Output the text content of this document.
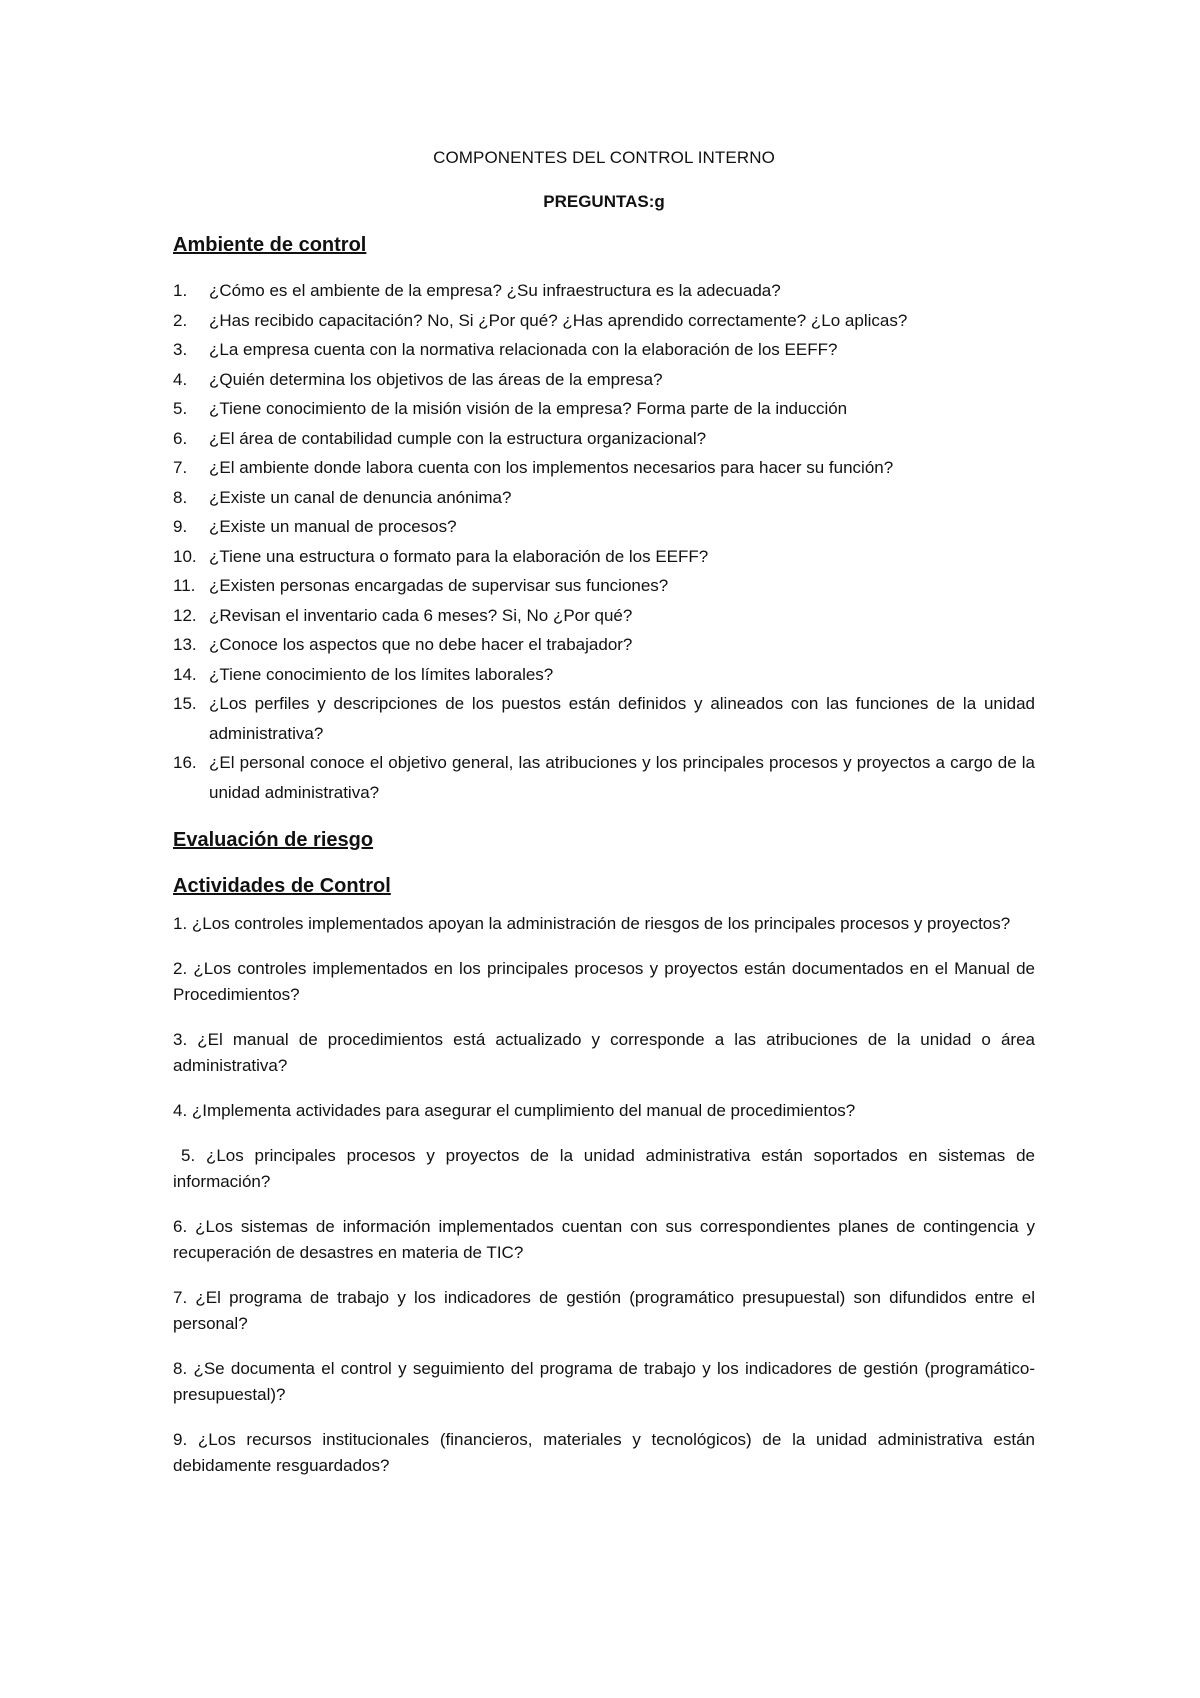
COMPONENTES DEL CONTROL INTERNO

PREGUNTAS:g

Ambiente de control
1.	¿Cómo es el ambiente de la empresa? ¿Su infraestructura es la adecuada?
2.	¿Has recibido capacitación? No, Si ¿Por qué? ¿Has aprendido correctamente? ¿Lo aplicas?
3.	¿La empresa cuenta con la normativa relacionada con la elaboración de los EEFF?
4.	¿Quién determina los objetivos de las áreas de la empresa?
5.	¿Tiene conocimiento de la misión visión de la empresa? Forma parte de la inducción
6.	¿El área de contabilidad cumple con la estructura organizacional?
7.	¿El ambiente donde labora cuenta con los implementos necesarios para hacer su función?
8.	¿Existe un canal de denuncia anónima?
9.	¿Existe un manual de procesos?
10. ¿Tiene una estructura o formato para la elaboración de los EEFF?
11. ¿Existen personas encargadas de supervisar sus funciones?
12. ¿Revisan el inventario cada 6 meses? Si, No ¿Por qué?
13. ¿Conoce los aspectos que no debe hacer el trabajador?
14. ¿Tiene conocimiento de los límites laborales?
15. ¿Los perfiles y descripciones de los puestos están definidos y alineados con las funciones de la unidad administrativa?
16. ¿El personal conoce el objetivo general, las atribuciones y los principales procesos y proyectos a cargo de la unidad administrativa?
Evaluación de riesgo
Actividades de Control

1. ¿Los controles implementados apoyan la administración de riesgos de los principales procesos y proyectos?

2. ¿Los controles implementados en los principales procesos y proyectos están documentados en el Manual de Procedimientos?

3. ¿El manual de procedimientos está actualizado y corresponde a las atribuciones de la unidad o área administrativa?

4. ¿Implementa actividades para asegurar el cumplimiento del manual de procedimientos?

5. ¿Los principales procesos y proyectos de la unidad administrativa están soportados en sistemas de información?

6. ¿Los sistemas de información implementados cuentan con sus correspondientes planes de contingencia y recuperación de desastres en materia de TIC?

7. ¿El programa de trabajo y los indicadores de gestión (programático presupuestal) son difundidos entre el personal?

8. ¿Se documenta el control y seguimiento del programa de trabajo y los indicadores de gestión (programático-presupuestal)?

9. ¿Los recursos institucionales (financieros, materiales y tecnológicos) de la unidad administrativa están debidamente resguardados?
